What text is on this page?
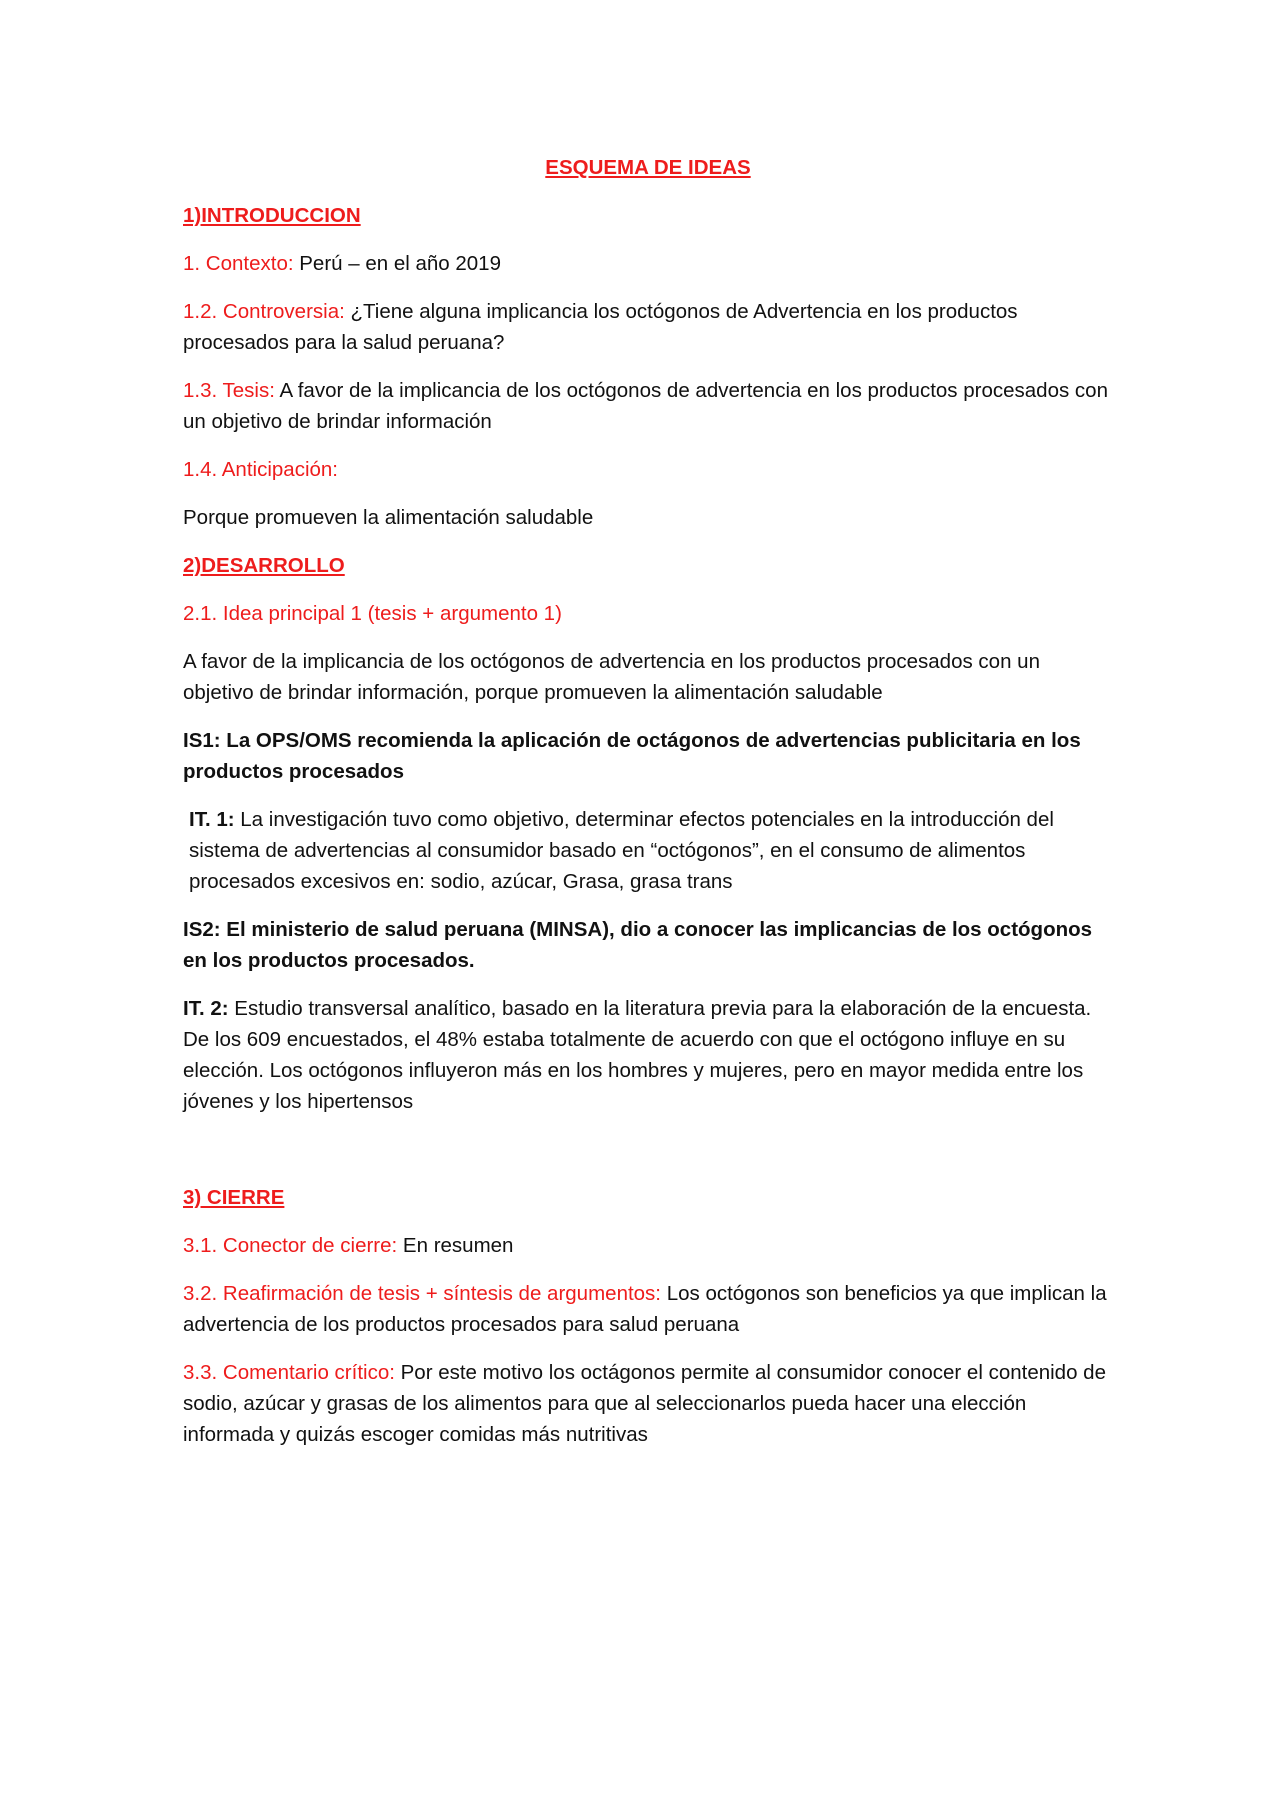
ESQUEMA DE IDEAS

1)INTRODUCCION

1. Contexto: Perú – en el año 2019

1.2. Controversia: ¿Tiene alguna implicancia los octógonos de Advertencia en los productos procesados para la salud peruana?

1.3. Tesis: A favor de la implicancia de los octógonos de advertencia en los productos procesados con un objetivo de brindar información

1.4. Anticipación:

Porque promueven la alimentación saludable

2)DESARROLLO

2.1. Idea principal 1 (tesis + argumento 1)

A favor de la implicancia de los octógonos de advertencia en los productos procesados con un objetivo de brindar información, porque promueven la alimentación saludable

IS1: La OPS/OMS recomienda la aplicación de octágonos de advertencias publicitaria en los productos procesados

IT. 1: La investigación tuvo como objetivo, determinar efectos potenciales en la introducción del sistema de advertencias al consumidor basado en “octógonos”, en el consumo de alimentos procesados excesivos en: sodio, azúcar, Grasa, grasa trans

IS2: El ministerio de salud peruana (MINSA), dio a conocer las implicancias de los octógonos en los productos procesados.

IT. 2: Estudio transversal analítico, basado en la literatura previa para la elaboración de la encuesta. De los 609 encuestados, el 48% estaba totalmente de acuerdo con que el octógono influye en su elección. Los octógonos influyeron más en los hombres y mujeres, pero en mayor medida entre los jóvenes y los hipertensos

3) CIERRE

3.1. Conector de cierre: En resumen

3.2. Reafirmación de tesis + síntesis de argumentos: Los octógonos son beneficios ya que implican la advertencia de los productos procesados para salud peruana

3.3. Comentario crítico: Por este motivo los octágonos permite al consumidor conocer el contenido de sodio, azúcar y grasas de los alimentos para que al seleccionarlos pueda hacer una elección informada y quizás escoger comidas más nutritivas
